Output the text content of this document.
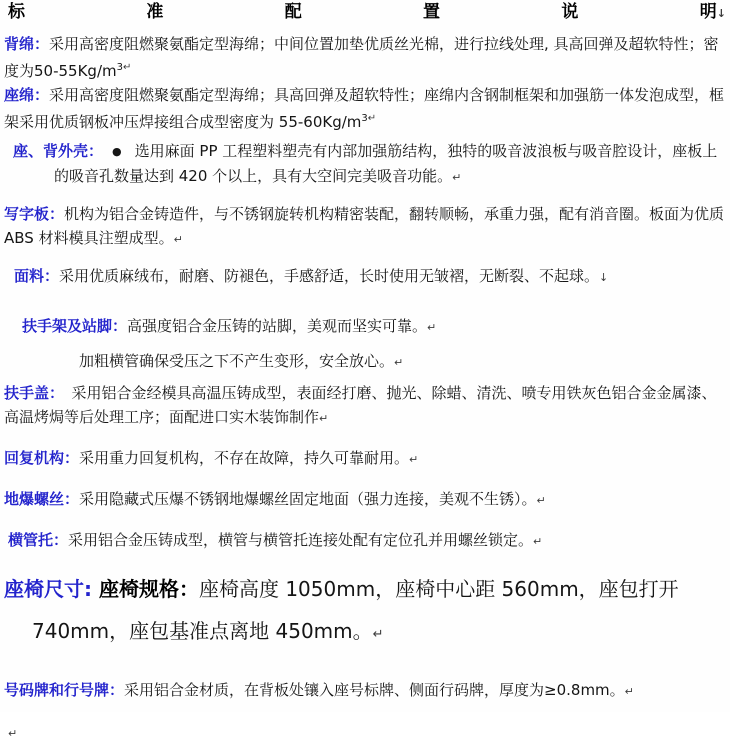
标	准	配	置	说	明↓

背绵：采用高密度阻燃聚氨酯定型海绵；中间位置加垫优质丝光棉，进行拉线处理, 具高回弹及超软特性；密度为$50-55Kg/m^{3↵}$

座绵：采用高密度阻燃聚氨酯定型海绵；具高回弹及超软特性；座绵内含钢制框架和加强筋一体发泡成型，框架采用优质钢板冲压焊接组合成型密度为 $55-60Kg/m^{3↵}$

座、背外壳： ● 选用麻面 PP 工程塑料塑壳有内部加强筋结构，独特的吸音波浪板与吸音腔设计，座板上的吸音孔数量达到 420 个以上，具有大空间完美吸音功能。↵

写字板：机构为铝合金铸造件，与不锈钢旋转机构精密装配，翻转顺畅，承重力强，配有消音圈。板面为优质 ABS 材料模具注塑成型。↵

面料：采用优质麻绒布，耐磨、防褪色，手感舒适，长时使用无皱褶，无断裂、不起球。↓

扶手架及站脚：高强度铝合金压铸的站脚，美观而坚实可靠。↵

加粗横管确保受压之下不产生变形，安全放心。↵

扶手盖：　采用铝合金经模具高温压铸成型，表面经打磨、抛光、除蜡、清洗、喷专用铁灰色铝合金金属漆、高温烤焗等后处理工序；面配进口实木装饰制作↵

回复机构：采用重力回复机构，不存在故障，持久可靠耐用。↵

地爆螺丝：采用隐藏式压爆不锈钢地爆螺丝固定地面（强力连接，美观不生锈）。↵

横管托：采用铝合金压铸成型，横管与横管托连接处配有定位孔并用螺丝锁定。↵

座椅尺寸: 座椅规格：座椅高度 1050mm，座椅中心距 560mm，座包打开 740mm，座包基准点离地 450mm。↵

号码牌和行号牌：采用铝合金材质，在背板处镶入座号标牌、侧面行码牌，厚度为≥0.8mm。↵

↵
